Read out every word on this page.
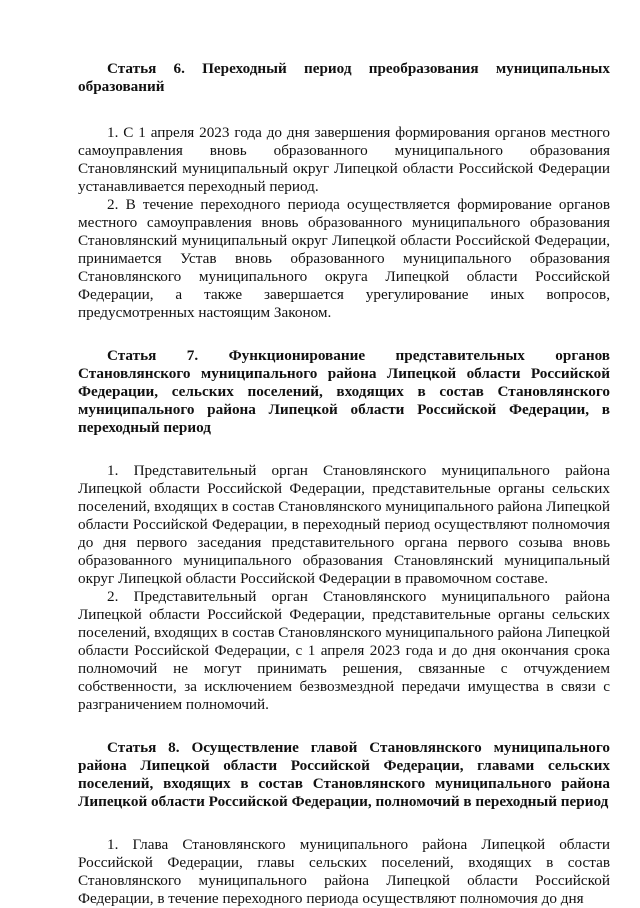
Статья 6. Переходный период преобразования муниципальных образований

1. С 1 апреля 2023 года до дня завершения формирования органов местного самоуправления вновь образованного муниципального образования Становлянский муниципальный округ Липецкой области Российской Федерации устанавливается переходный период.

2. В течение переходного периода осуществляется формирование органов местного самоуправления вновь образованного муниципального образования Становлянский муниципальный округ Липецкой области Российской Федерации, принимается Устав вновь образованного муниципального образования Становлянского муниципального округа Липецкой области Российской Федерации, а также завершается урегулирование иных вопросов, предусмотренных настоящим Законом.

Статья 7. Функционирование представительных органов Становлянского муниципального района Липецкой области Российской Федерации, сельских поселений, входящих в состав Становлянского муниципального района Липецкой области Российской Федерации, в переходный период

1. Представительный орган Становлянского муниципального района Липецкой области Российской Федерации, представительные органы сельских поселений, входящих в состав Становлянского муниципального района Липецкой области Российской Федерации, в переходный период осуществляют полномочия до дня первого заседания представительного органа первого созыва вновь образованного муниципального образования Становлянский муниципальный округ Липецкой области Российской Федерации в правомочном составе.

2. Представительный орган Становлянского муниципального района Липецкой области Российской Федерации, представительные органы сельских поселений, входящих в состав Становлянского муниципального района Липецкой области Российской Федерации, с 1 апреля 2023 года и до дня окончания срока полномочий не могут принимать решения, связанные с отчуждением собственности, за исключением безвозмездной передачи имущества в связи с разграничением полномочий.

Статья 8. Осуществление главой Становлянского муниципального района Липецкой области Российской Федерации, главами сельских поселений, входящих в состав Становлянского муниципального района Липецкой области Российской Федерации, полномочий в переходный период

1. Глава Становлянского муниципального района Липецкой области Российской Федерации, главы сельских поселений, входящих в состав Становлянского муниципального района Липецкой области Российской Федерации, в течение переходного периода осуществляют полномочия до дня
